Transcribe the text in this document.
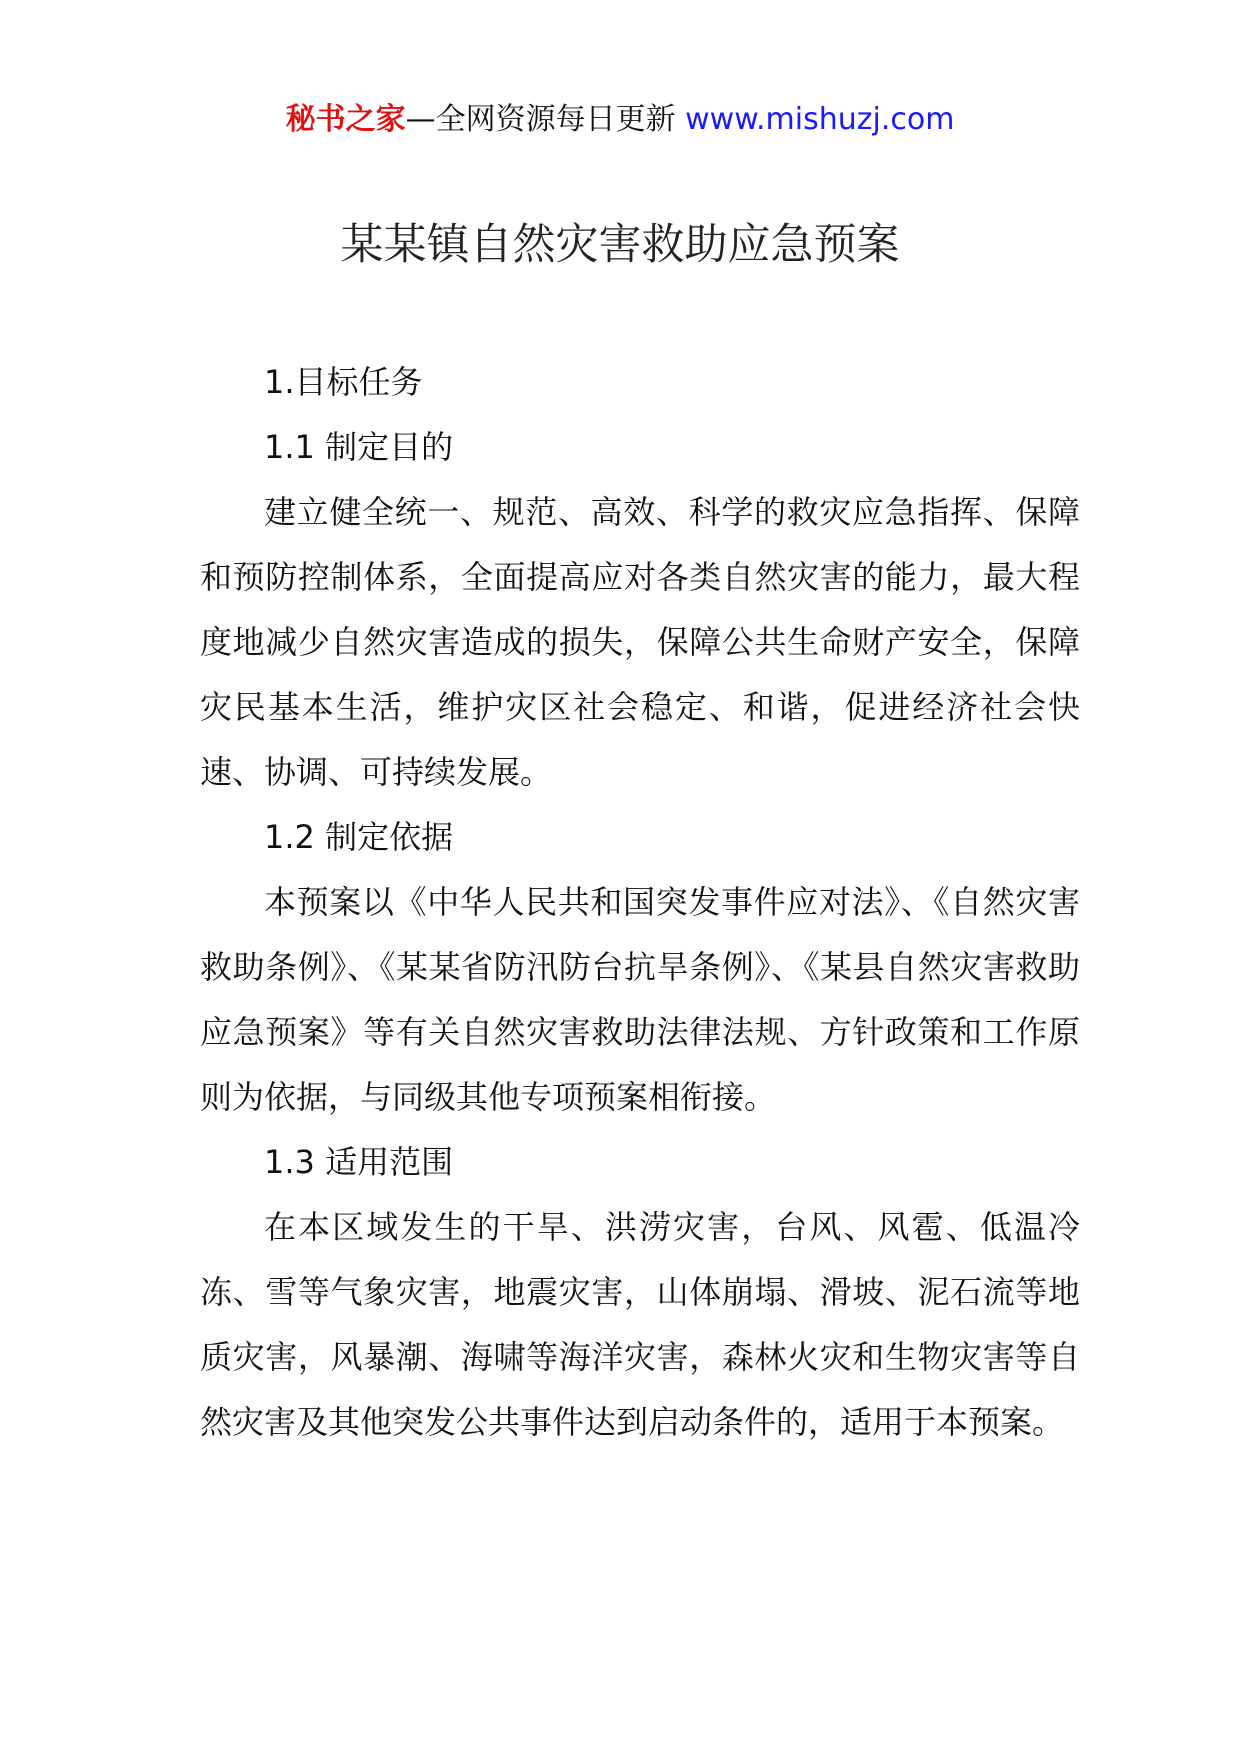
秘书之家—全网资源每日更新 www.mishuzj.com
某某镇自然灾害救助应急预案

1.目标任务

1.1 制定目的

建立健全统一、规范、高效、科学的救灾应急指挥、保障和预防控制体系，全面提高应对各类自然灾害的能力，最大程度地减少自然灾害造成的损失，保障公共生命财产安全，保障灾民基本生活，维护灾区社会稳定、和谐，促进经济社会快速、协调、可持续发展。

1.2 制定依据

本预案以《中华人民共和国突发事件应对法》、《自然灾害救助条例》、《某某省防汛防台抗旱条例》、《某县自然灾害救助应急预案》等有关自然灾害救助法律法规、方针政策和工作原则为依据，与同级其他专项预案相衔接。

1.3 适用范围

在本区域发生的干旱、洪涝灾害，台风、风雹、低温冷冻、雪等气象灾害，地震灾害，山体崩塌、滑坡、泥石流等地质灾害，风暴潮、海啸等海洋灾害，森林火灾和生物灾害等自然灾害及其他突发公共事件达到启动条件的，适用于本预案。
